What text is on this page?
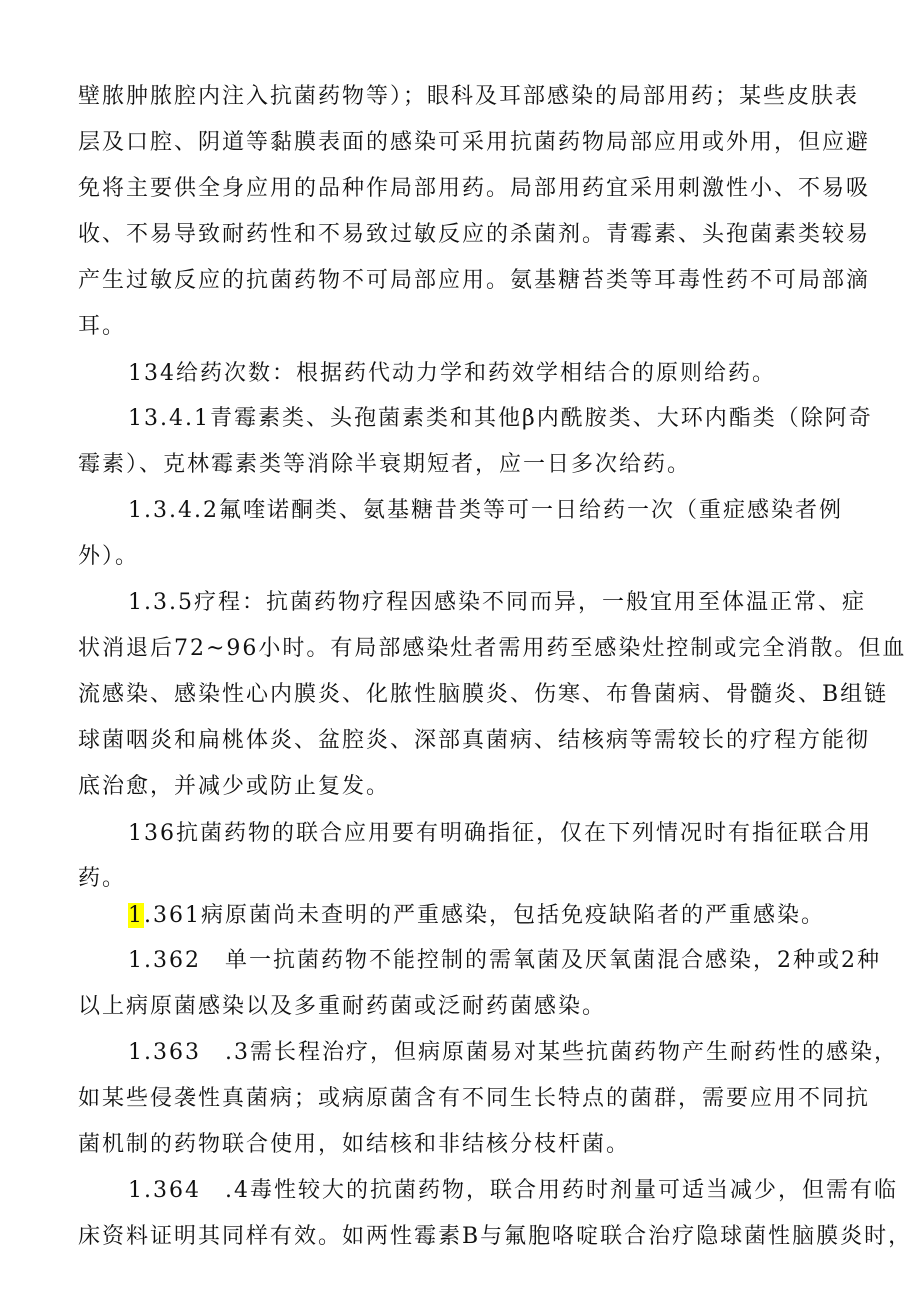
壁脓肿脓腔内注入抗菌药物等）；眼科及耳部感染的局部用药；某些皮肤表
层及口腔、阴道等黏膜表面的感染可采用抗菌药物局部应用或外用，但应避
免将主要供全身应用的品种作局部用药。局部用药宜采用刺激性小、不易吸
收、不易导致耐药性和不易致过敏反应的杀菌剂。青霉素、头孢菌素类较易
产生过敏反应的抗菌药物不可局部应用。氨基糖苔类等耳毒性药不可局部滴
耳。
134给药次数：根据药代动力学和药效学相结合的原则给药。
13.4.1青霉素类、头孢菌素类和其他β内酰胺类、大环内酯类（除阿奇
霉素）、克林霉素类等消除半衰期短者，应一日多次给药。
1.3.4.2氟喹诺酮类、氨基糖昔类等可一日给药一次（重症感染者例
外）。
1.3.5疗程：抗菌药物疗程因感染不同而异，一般宜用至体温正常、症
状消退后72~96小时。有局部感染灶者需用药至感染灶控制或完全消散。但血
流感染、感染性心内膜炎、化脓性脑膜炎、伤寒、布鲁菌病、骨髓炎、B组链
球菌咽炎和扁桃体炎、盆腔炎、深部真菌病、结核病等需较长的疗程方能彻
底治愈，并减少或防止复发。
136抗菌药物的联合应用要有明确指征，仅在下列情况时有指征联合用
药。
1.361病原菌尚未查明的严重感染，包括免疫缺陷者的严重感染。
1.362　单一抗菌药物不能控制的需氧菌及厌氧菌混合感染，2种或2种
以上病原菌感染以及多重耐药菌或泛耐药菌感染。
1.363　.3需长程治疗，但病原菌易对某些抗菌药物产生耐药性的感染，
如某些侵袭性真菌病；或病原菌含有不同生长特点的菌群，需要应用不同抗
菌机制的药物联合使用，如结核和非结核分枝杆菌。
1.364　.4毒性较大的抗菌药物，联合用药时剂量可适当减少，但需有临
床资料证明其同样有效。如两性霉素B与氟胞咯啶联合治疗隐球菌性脑膜炎时，
